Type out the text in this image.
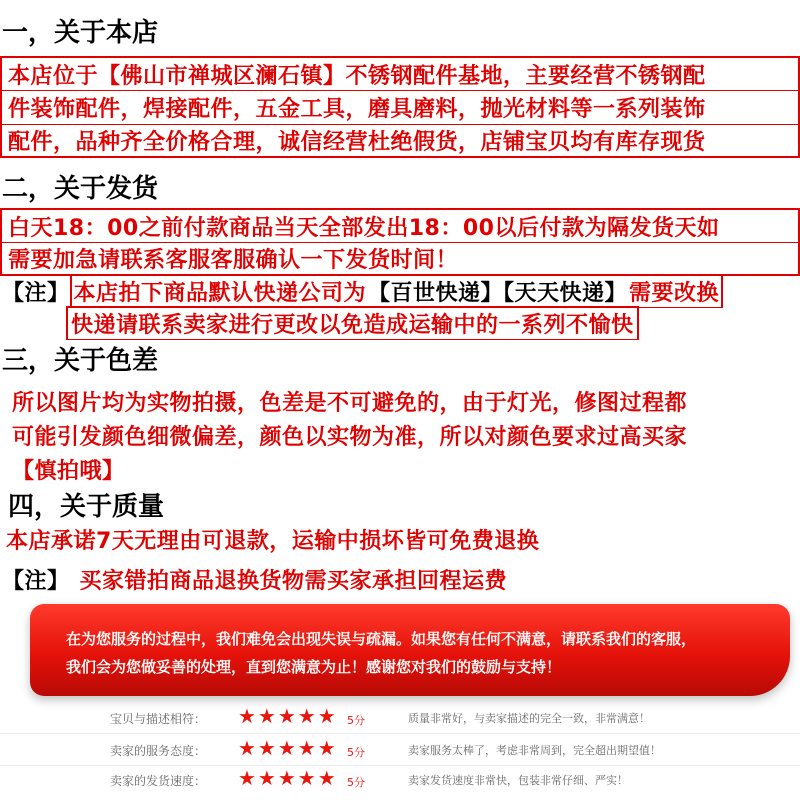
一，关于本店
本店位于【佛山市禅城区澜石镇】不锈钢配件基地，主要经营不锈钢配
件装饰配件，焊接配件，五金工具，磨具磨料，抛光材料等一系列装饰
配件，品种齐全价格合理，诚信经营杜绝假货，店铺宝贝均有库存现货
二，关于发货
白天18：00之前付款商品当天全部发出18：00以后付款为隔发货天如
需要加急请联系客服客服确认一下发货时间！
【注】 本店拍下商品默认快递公司为 【百世快递】【天天快递】 需要改换
快递请联系卖家进行更改以免造成运输中的一系列不愉快
三，关于色差
所以图片均为实物拍摄，色差是不可避免的，由于灯光，修图过程都
可能引发颜色细微偏差，颜色以实物为准，所以对颜色要求过高买家
【慎拍哦】
四，关于质量
本店承诺7天无理由可退款，运输中损坏皆可免费退换
【注】 买家错拍商品退换货物需买家承担回程运费
在为您服务的过程中，我们难免会出现失误与疏漏。如果您有任何不满意，请联系我们的客服，
我们会为您做妥善的处理，直到您满意为止！感谢您对我们的鼓励与支持！
宝贝与描述相符： ★★★★★ 5分	质量非常好，与卖家描述的完全一致，非常满意！
卖家的服务态度： ★★★★★ 5分	卖家服务太棒了，考虑非常周到，完全超出期望值！
卖家的发货速度： ★★★★★ 5分	卖家发货速度非常快，包装非常仔细、严实！
